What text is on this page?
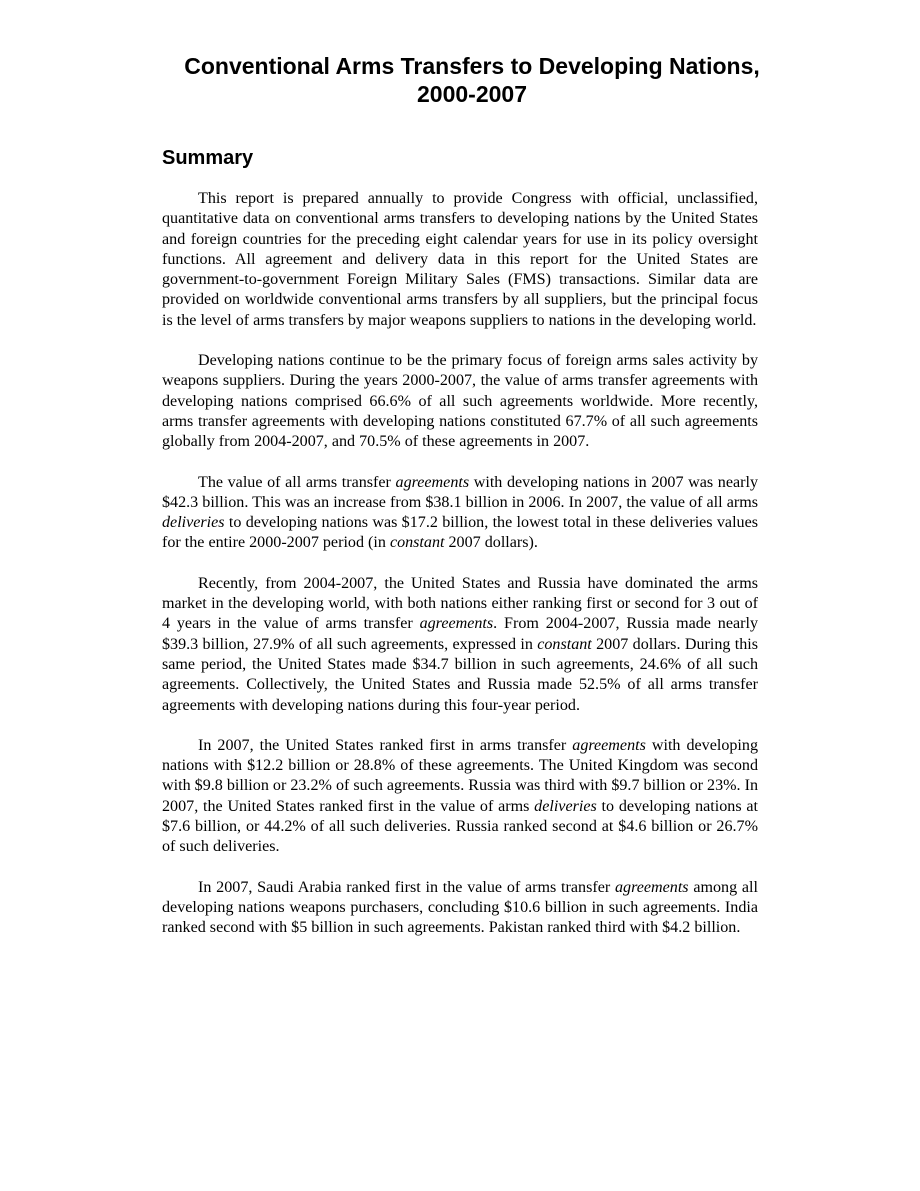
Conventional Arms Transfers to Developing Nations,
2000-2007
Summary

This report is prepared annually to provide Congress with official, unclassified, quantitative data on conventional arms transfers to developing nations by the United States and foreign countries for the preceding eight calendar years for use in its policy oversight functions. All agreement and delivery data in this report for the United States are government-to-government Foreign Military Sales (FMS) transactions. Similar data are provided on worldwide conventional arms transfers by all suppliers, but the principal focus is the level of arms transfers by major weapons suppliers to nations in the developing world.

Developing nations continue to be the primary focus of foreign arms sales activity by weapons suppliers. During the years 2000-2007, the value of arms transfer agreements with developing nations comprised 66.6% of all such agreements worldwide. More recently, arms transfer agreements with developing nations constituted 67.7% of all such agreements globally from 2004-2007, and 70.5% of these agreements in 2007.

The value of all arms transfer agreements with developing nations in 2007 was nearly $42.3 billion. This was an increase from $38.1 billion in 2006. In 2007, the value of all arms deliveries to developing nations was $17.2 billion, the lowest total in these deliveries values for the entire 2000-2007 period (in constant 2007 dollars).

Recently, from 2004-2007, the United States and Russia have dominated the arms market in the developing world, with both nations either ranking first or second for 3 out of 4 years in the value of arms transfer agreements. From 2004-2007, Russia made nearly $39.3 billion, 27.9% of all such agreements, expressed in constant 2007 dollars. During this same period, the United States made $34.7 billion in such agreements, 24.6% of all such agreements. Collectively, the United States and Russia made 52.5% of all arms transfer agreements with developing nations during this four-year period.

In 2007, the United States ranked first in arms transfer agreements with developing nations with $12.2 billion or 28.8% of these agreements. The United Kingdom was second with $9.8 billion or 23.2% of such agreements. Russia was third with $9.7 billion or 23%. In 2007, the United States ranked first in the value of arms deliveries to developing nations at $7.6 billion, or 44.2% of all such deliveries. Russia ranked second at $4.6 billion or 26.7% of such deliveries.

In 2007, Saudi Arabia ranked first in the value of arms transfer agreements among all developing nations weapons purchasers, concluding $10.6 billion in such agreements. India ranked second with $5 billion in such agreements. Pakistan ranked third with $4.2 billion.
